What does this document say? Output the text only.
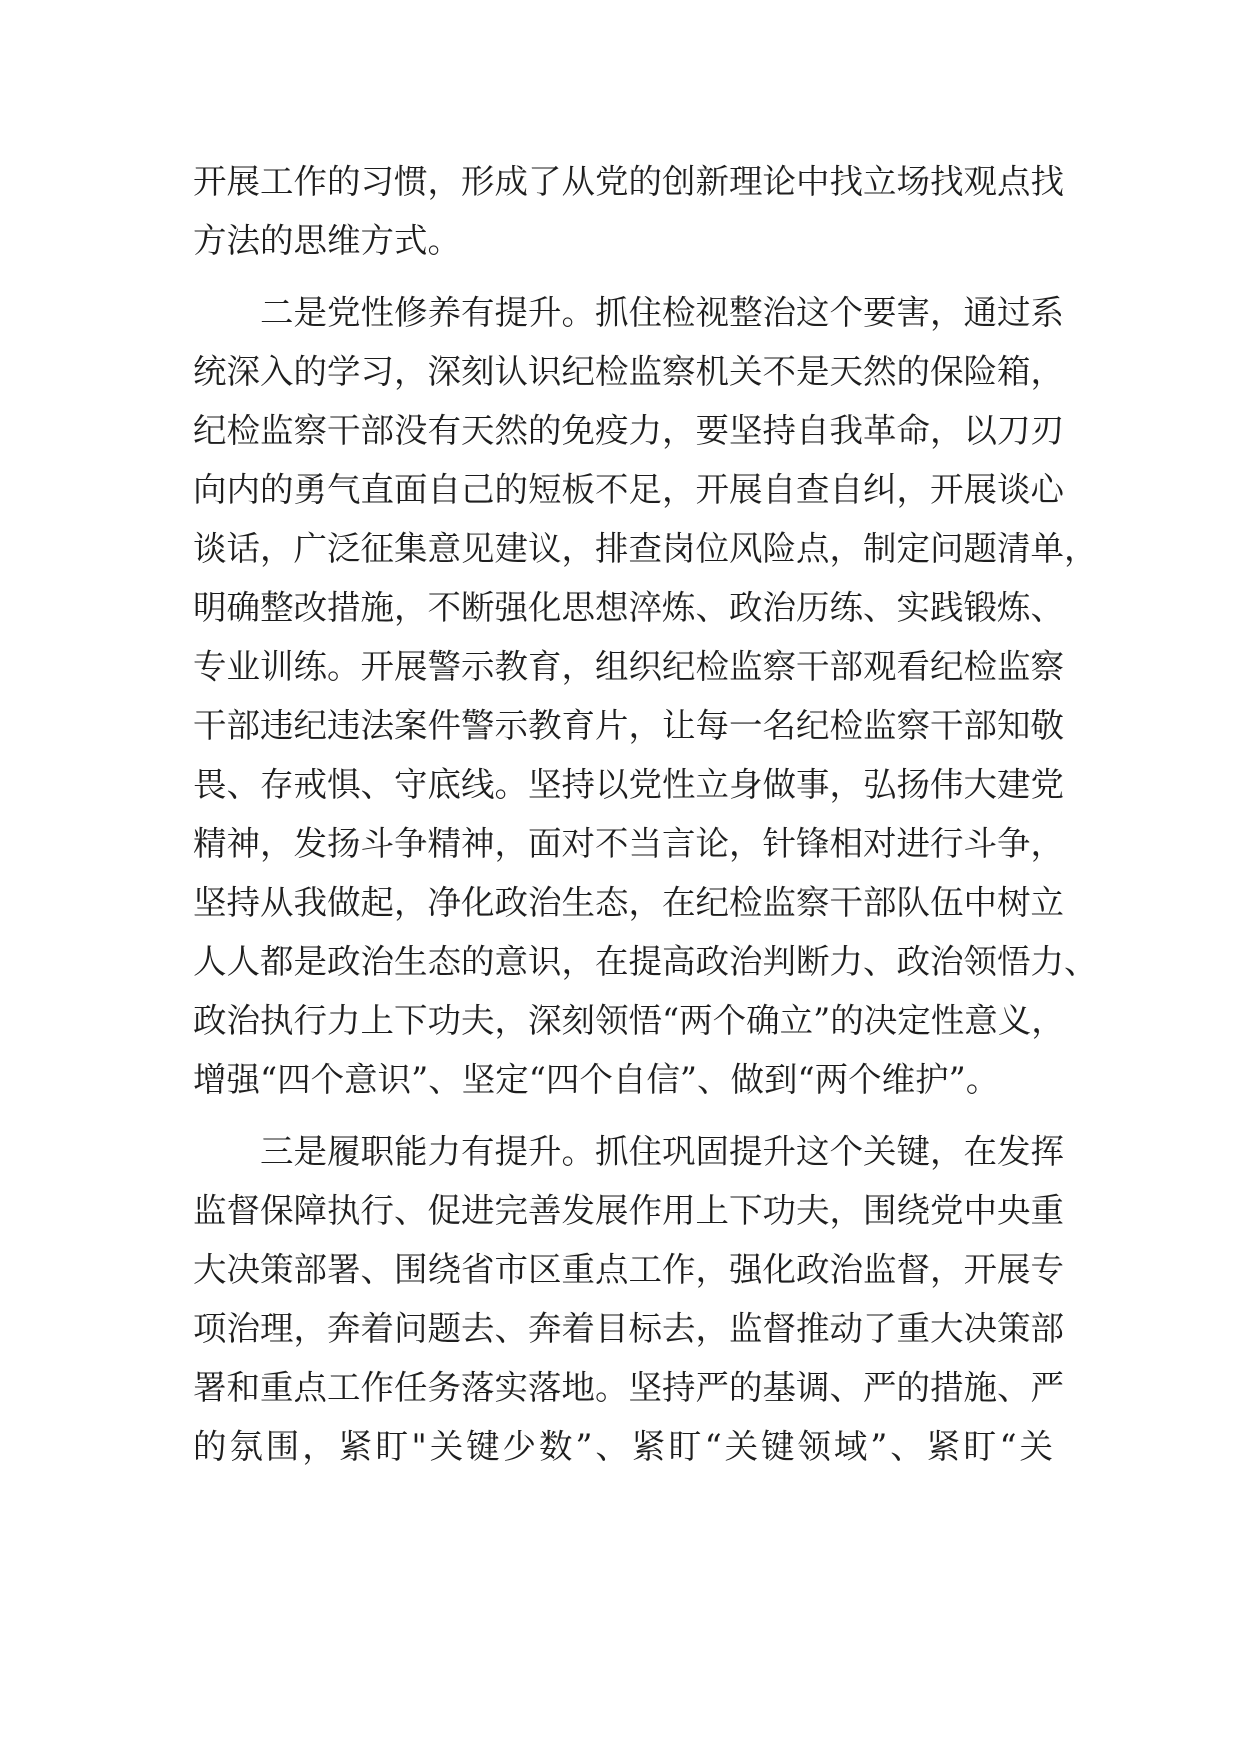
开展工作的习惯，形成了从党的创新理论中找立场找观点找
方法的思维方式。
　　二是党性修养有提升。抓住检视整治这个要害，通过系
统深入的学习，深刻认识纪检监察机关不是天然的保险箱，
纪检监察干部没有天然的免疫力，要坚持自我革命，以刀刃
向内的勇气直面自己的短板不足，开展自查自纠，开展谈心
谈话，广泛征集意见建议，排查岗位风险点，制定问题清单，
明确整改措施，不断强化思想淬炼、政治历练、实践锻炼、
专业训练。开展警示教育，组织纪检监察干部观看纪检监察
干部违纪违法案件警示教育片，让每一名纪检监察干部知敬
畏、存戒惧、守底线。坚持以党性立身做事，弘扬伟大建党
精神，发扬斗争精神，面对不当言论，针锋相对进行斗争，
坚持从我做起，净化政治生态，在纪检监察干部队伍中树立
人人都是政治生态的意识，在提高政治判断力、政治领悟力、
政治执行力上下功夫，深刻领悟“两个确立”的决定性意义，
增强“四个意识”、坚定“四个自信”、做到“两个维护”。
　　三是履职能力有提升。抓住巩固提升这个关键，在发挥
监督保障执行、促进完善发展作用上下功夫，围绕党中央重
大决策部署、围绕省市区重点工作，强化政治监督，开展专
项治理，奔着问题去、奔着目标去，监督推动了重大决策部
署和重点工作任务落实落地。坚持严的基调、严的措施、严
的氛围，紧盯"关键少数”、紧盯“关键领域”、紧盯“关
